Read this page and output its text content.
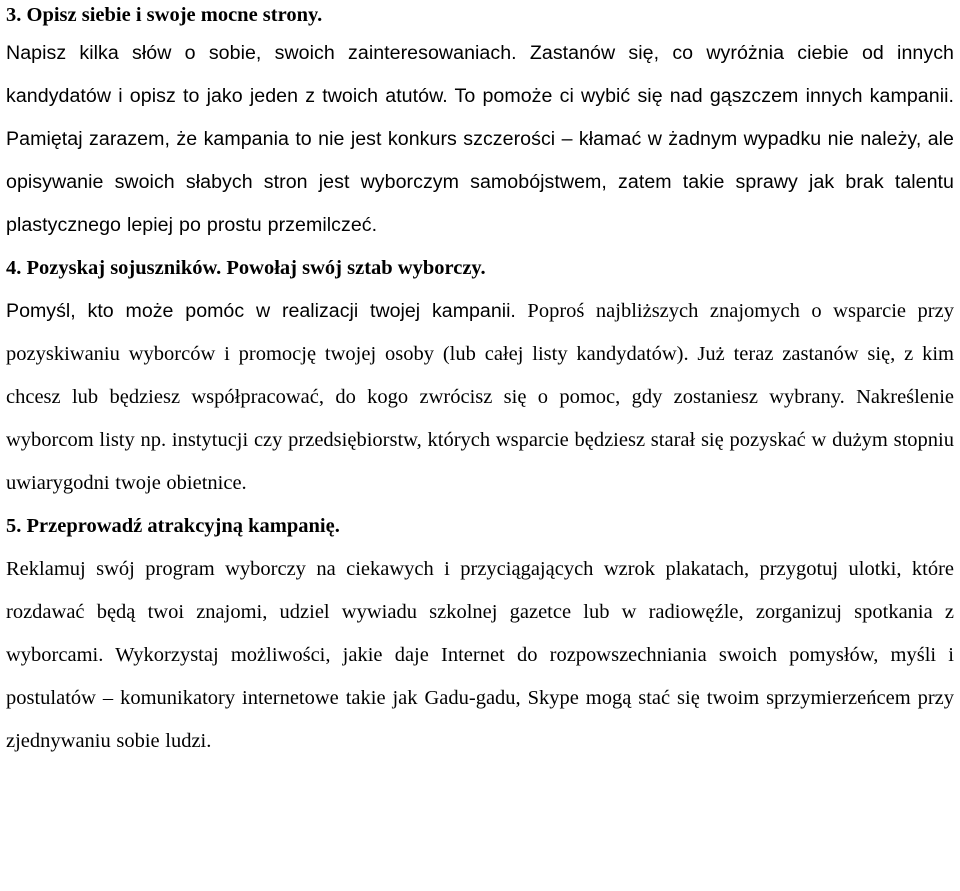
3. Opisz siebie i swoje mocne strony.

Napisz kilka słów o sobie, swoich zainteresowaniach. Zastanów się, co wyróżnia ciebie od innych kandydatów i opisz to jako jeden z twoich atutów. To pomoże ci wybić się nad gąszczem innych kampanii. Pamiętaj zarazem, że kampania to nie jest konkurs szczerości – kłamać w żadnym wypadku nie należy, ale opisywanie swoich słabych stron jest wyborczym samobójstwem, zatem takie sprawy jak brak talentu plastycznego lepiej po prostu przemilczeć.

4. Pozyskaj sojuszników. Powołaj swój sztab wyborczy.

Pomyśl, kto może pomóc w realizacji twojej kampanii. Poproś najbliższych znajomych o wsparcie przy pozyskiwaniu wyborców i promocję twojej osoby (lub całej listy kandydatów). Już teraz zastanów się, z kim chcesz lub będziesz współpracować, do kogo zwrócisz się o pomoc, gdy zostaniesz wybrany. Nakreślenie wyborcom listy np. instytucji czy przedsiębiorstw, których wsparcie będziesz starał się pozyskać w dużym stopniu uwiarygodni twoje obietnice.

5. Przeprowadź atrakcyjną kampanię.

Reklamuj swój program wyborczy na ciekawych i przyciągających wzrok plakatach, przygotuj ulotki, które rozdawać będą twoi znajomi, udziel wywiadu szkolnej gazetce lub w radiowęźle, zorganizuj spotkania z wyborcami. Wykorzystaj możliwości, jakie daje Internet do rozpowszechniania swoich pomysłów, myśli i postulatów – komunikatory internetowe takie jak Gadu-gadu, Skype mogą stać się twoim sprzymierzeńcem przy zjednywaniu sobie ludzi.
